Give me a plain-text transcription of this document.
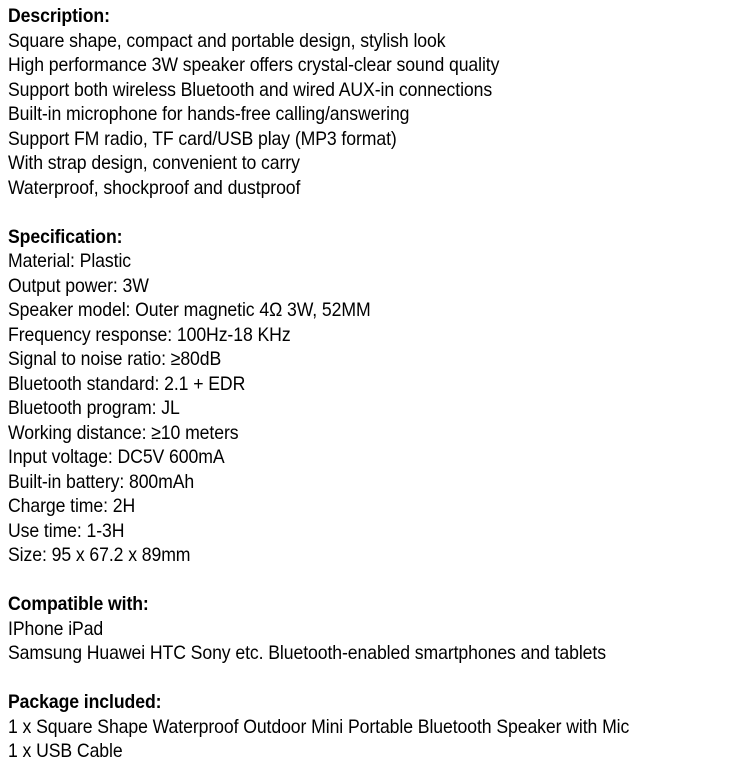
Description:
Square shape, compact and portable design, stylish look
High performance 3W speaker offers crystal-clear sound quality
Support both wireless Bluetooth and wired AUX-in connections
Built-in microphone for hands-free calling/answering
Support FM radio, TF card/USB play (MP3 format)
With strap design, convenient to carry
Waterproof, shockproof and dustproof
Specification:
Material: Plastic
Output power: 3W
Speaker model: Outer magnetic 4Ω 3W, 52MM
Frequency response: 100Hz-18 KHz
Signal to noise ratio: ≥80dB
Bluetooth standard: 2.1 + EDR
Bluetooth program: JL
Working distance: ≥10 meters
Input voltage: DC5V 600mA
Built-in battery: 800mAh
Charge time: 2H
Use time: 1-3H
Size: 95 x 67.2 x 89mm
Compatible with:
IPhone iPad
Samsung Huawei HTC Sony etc. Bluetooth-enabled smartphones and tablets
Package included:
1 x Square Shape Waterproof Outdoor Mini Portable Bluetooth Speaker with Mic
1 x USB Cable
